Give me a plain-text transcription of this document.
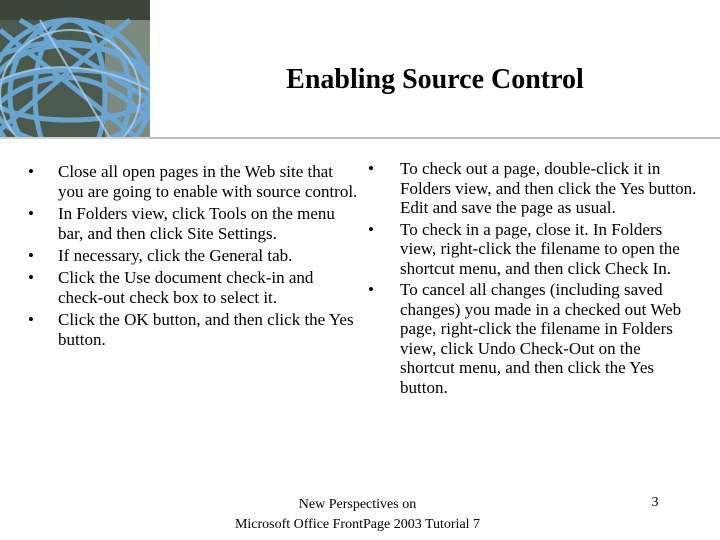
Enabling Source Control
• Close all open pages in the Web site that you are going to enable with source control.
• In Folders view, click Tools on the menu bar, and then click Site Settings.
• If necessary, click the General tab.
• Click the Use document check-in and check-out check box to select it.
• Click the OK button, and then click the Yes button.
• To check out a page, double-click it in Folders view, and then click the Yes button. Edit and save the page as usual.
• To check in a page, close it. In Folders view, right-click the filename to open the shortcut menu, and then click Check In.
• To cancel all changes (including saved changes) you made in a checked out Web page, right-click the filename in Folders view, click Undo Check-Out on the shortcut menu, and then click the Yes button.
New Perspectives on
Microsoft Office FrontPage 2003 Tutorial 7
3
